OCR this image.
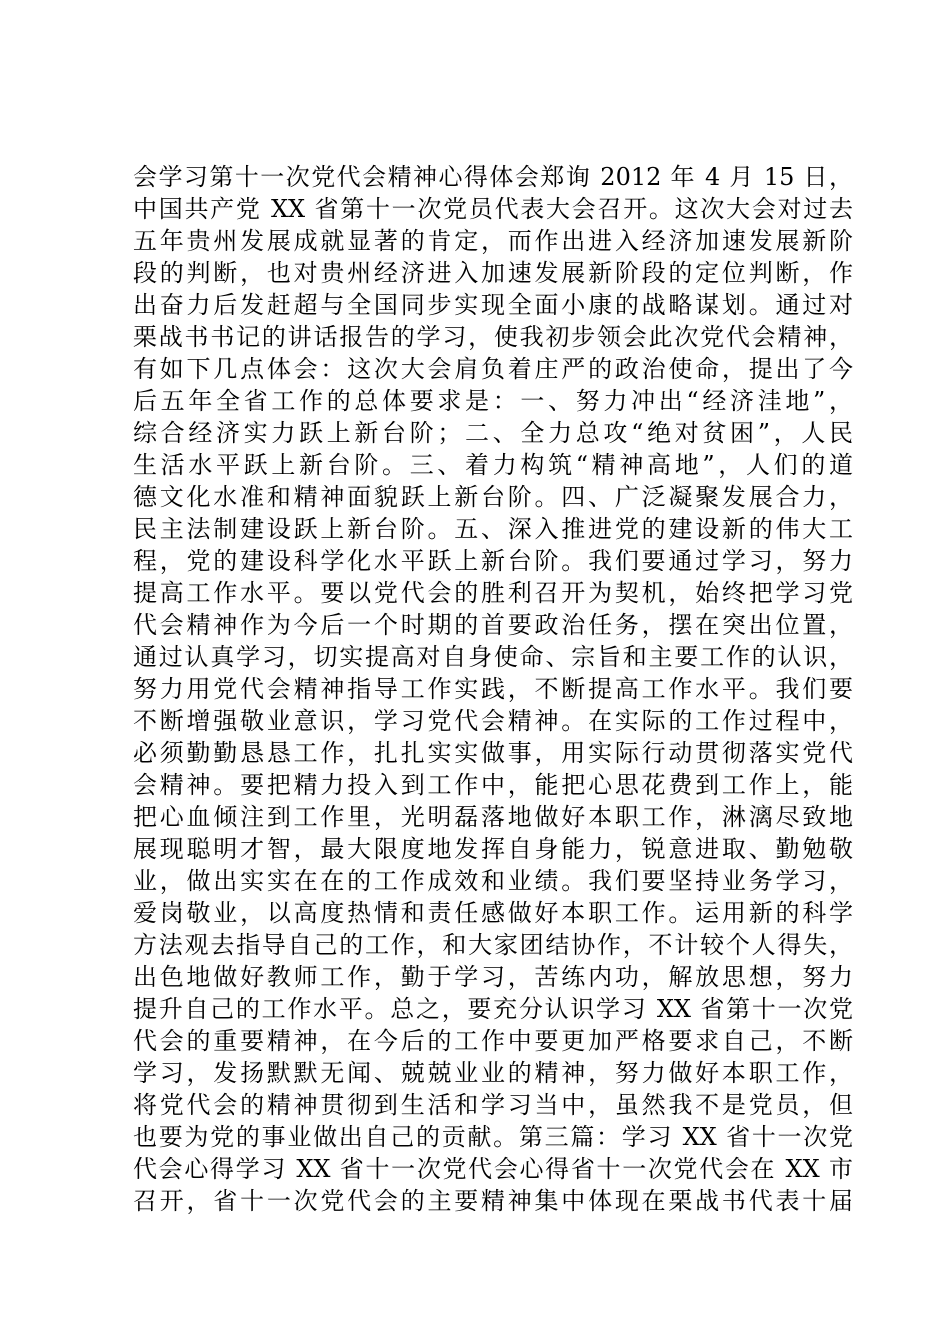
会学习第十一次党代会精神心得体会郑询 2012 年 4 月 15 日，
中国共产党 XX 省第十一次党员代表大会召开。这次大会对过去
五年贵州发展成就显著的肯定，而作出进入经济加速发展新阶
段的判断，也对贵州经济进入加速发展新阶段的定位判断，作
出奋力后发赶超与全国同步实现全面小康的战略谋划。通过对
栗战书书记的讲话报告的学习，使我初步领会此次党代会精神，
有如下几点体会：这次大会肩负着庄严的政治使命，提出了今
后五年全省工作的总体要求是：一、努力冲出“经济洼地”，
综合经济实力跃上新台阶；二、全力总攻“绝对贫困”，人民
生活水平跃上新台阶。三、着力构筑“精神高地”，人们的道
德文化水准和精神面貌跃上新台阶。四、广泛凝聚发展合力，
民主法制建设跃上新台阶。五、深入推进党的建设新的伟大工
程，党的建设科学化水平跃上新台阶。我们要通过学习，努力
提高工作水平。要以党代会的胜利召开为契机，始终把学习党
代会精神作为今后一个时期的首要政治任务，摆在突出位置，
通过认真学习，切实提高对自身使命、宗旨和主要工作的认识，
努力用党代会精神指导工作实践，不断提高工作水平。我们要
不断增强敬业意识，学习党代会精神。在实际的工作过程中，
必须勤勤恳恳工作，扎扎实实做事，用实际行动贯彻落实党代
会精神。要把精力投入到工作中，能把心思花费到工作上，能
把心血倾注到工作里，光明磊落地做好本职工作，淋漓尽致地
展现聪明才智，最大限度地发挥自身能力，锐意进取、勤勉敬
业，做出实实在在的工作成效和业绩。我们要坚持业务学习，
爱岗敬业，以高度热情和责任感做好本职工作。运用新的科学
方法观去指导自己的工作，和大家团结协作，不计较个人得失，
出色地做好教师工作，勤于学习，苦练内功，解放思想，努力
提升自己的工作水平。总之，要充分认识学习 XX 省第十一次党
代会的重要精神，在今后的工作中要更加严格要求自己，不断
学习，发扬默默无闻、兢兢业业的精神，努力做好本职工作，
将党代会的精神贯彻到生活和学习当中，虽然我不是党员，但
也要为党的事业做出自己的贡献。第三篇：学习 XX 省十一次党
代会心得学习 XX 省十一次党代会心得省十一次党代会在 XX 市
召开，省十一次党代会的主要精神集中体现在栗战书代表十届
